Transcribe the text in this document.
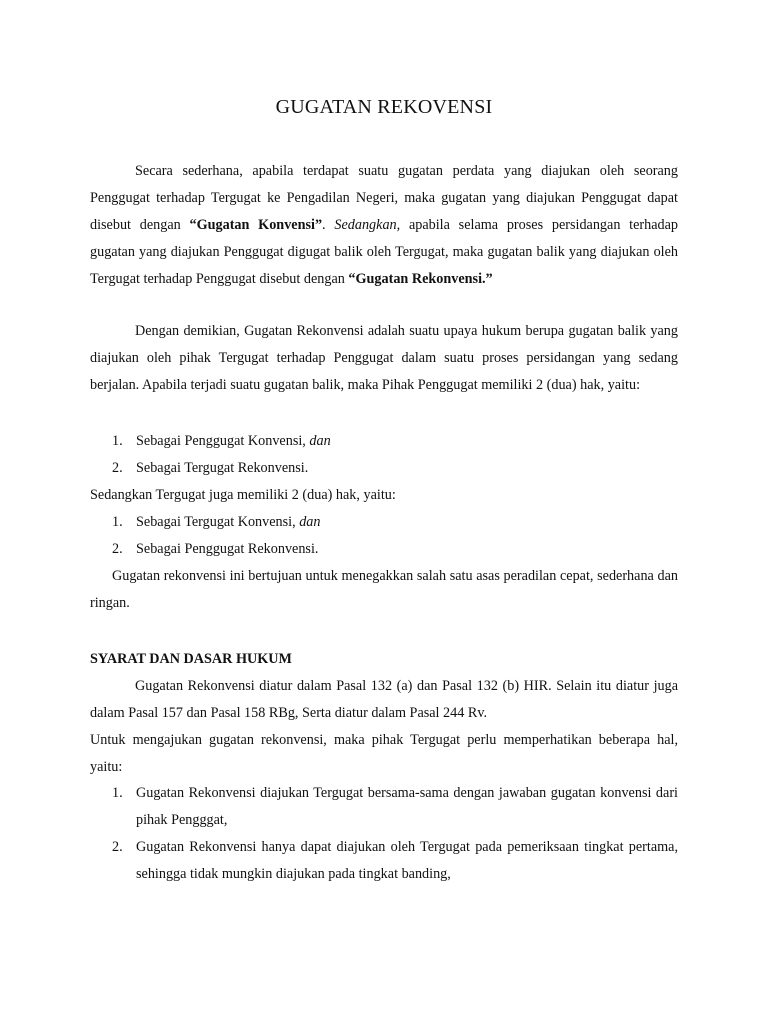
GUGATAN REKOVENSI
Secara sederhana, apabila terdapat suatu gugatan perdata yang diajukan oleh seorang Penggugat terhadap Tergugat ke Pengadilan Negeri, maka gugatan yang diajukan Penggugat dapat disebut dengan “Gugatan Konvensi”. Sedangkan, apabila selama proses persidangan terhadap gugatan yang diajukan Penggugat digugat balik oleh Tergugat, maka gugatan balik yang diajukan oleh Tergugat terhadap Penggugat disebut dengan “Gugatan Rekonvensi.”
Dengan demikian, Gugatan Rekonvensi adalah suatu upaya hukum berupa gugatan balik yang diajukan oleh pihak Tergugat terhadap Penggugat dalam suatu proses persidangan yang sedang berjalan. Apabila terjadi suatu gugatan balik, maka Pihak Penggugat memiliki 2 (dua) hak, yaitu:
1. Sebagai Penggugat Konvensi, dan
2. Sebagai Tergugat Rekonvensi.
Sedangkan Tergugat juga memiliki 2 (dua) hak, yaitu:
1. Sebagai Tergugat Konvensi, dan
2. Sebagai Penggugat Rekonvensi.
Gugatan rekonvensi ini bertujuan untuk menegakkan salah satu asas peradilan cepat, sederhana dan ringan.
SYARAT DAN DASAR HUKUM
Gugatan Rekonvensi diatur dalam Pasal 132 (a) dan Pasal 132 (b) HIR. Selain itu diatur juga dalam Pasal 157 dan Pasal 158 RBg, Serta diatur dalam Pasal 244 Rv.
Untuk mengajukan gugatan rekonvensi, maka pihak Tergugat perlu memperhatikan beberapa hal, yaitu:
1. Gugatan Rekonvensi diajukan Tergugat bersama-sama dengan jawaban gugatan konvensi dari pihak Pengggat,
2. Gugatan Rekonvensi hanya dapat diajukan oleh Tergugat pada pemeriksaan tingkat pertama, sehingga tidak mungkin diajukan pada tingkat banding,
